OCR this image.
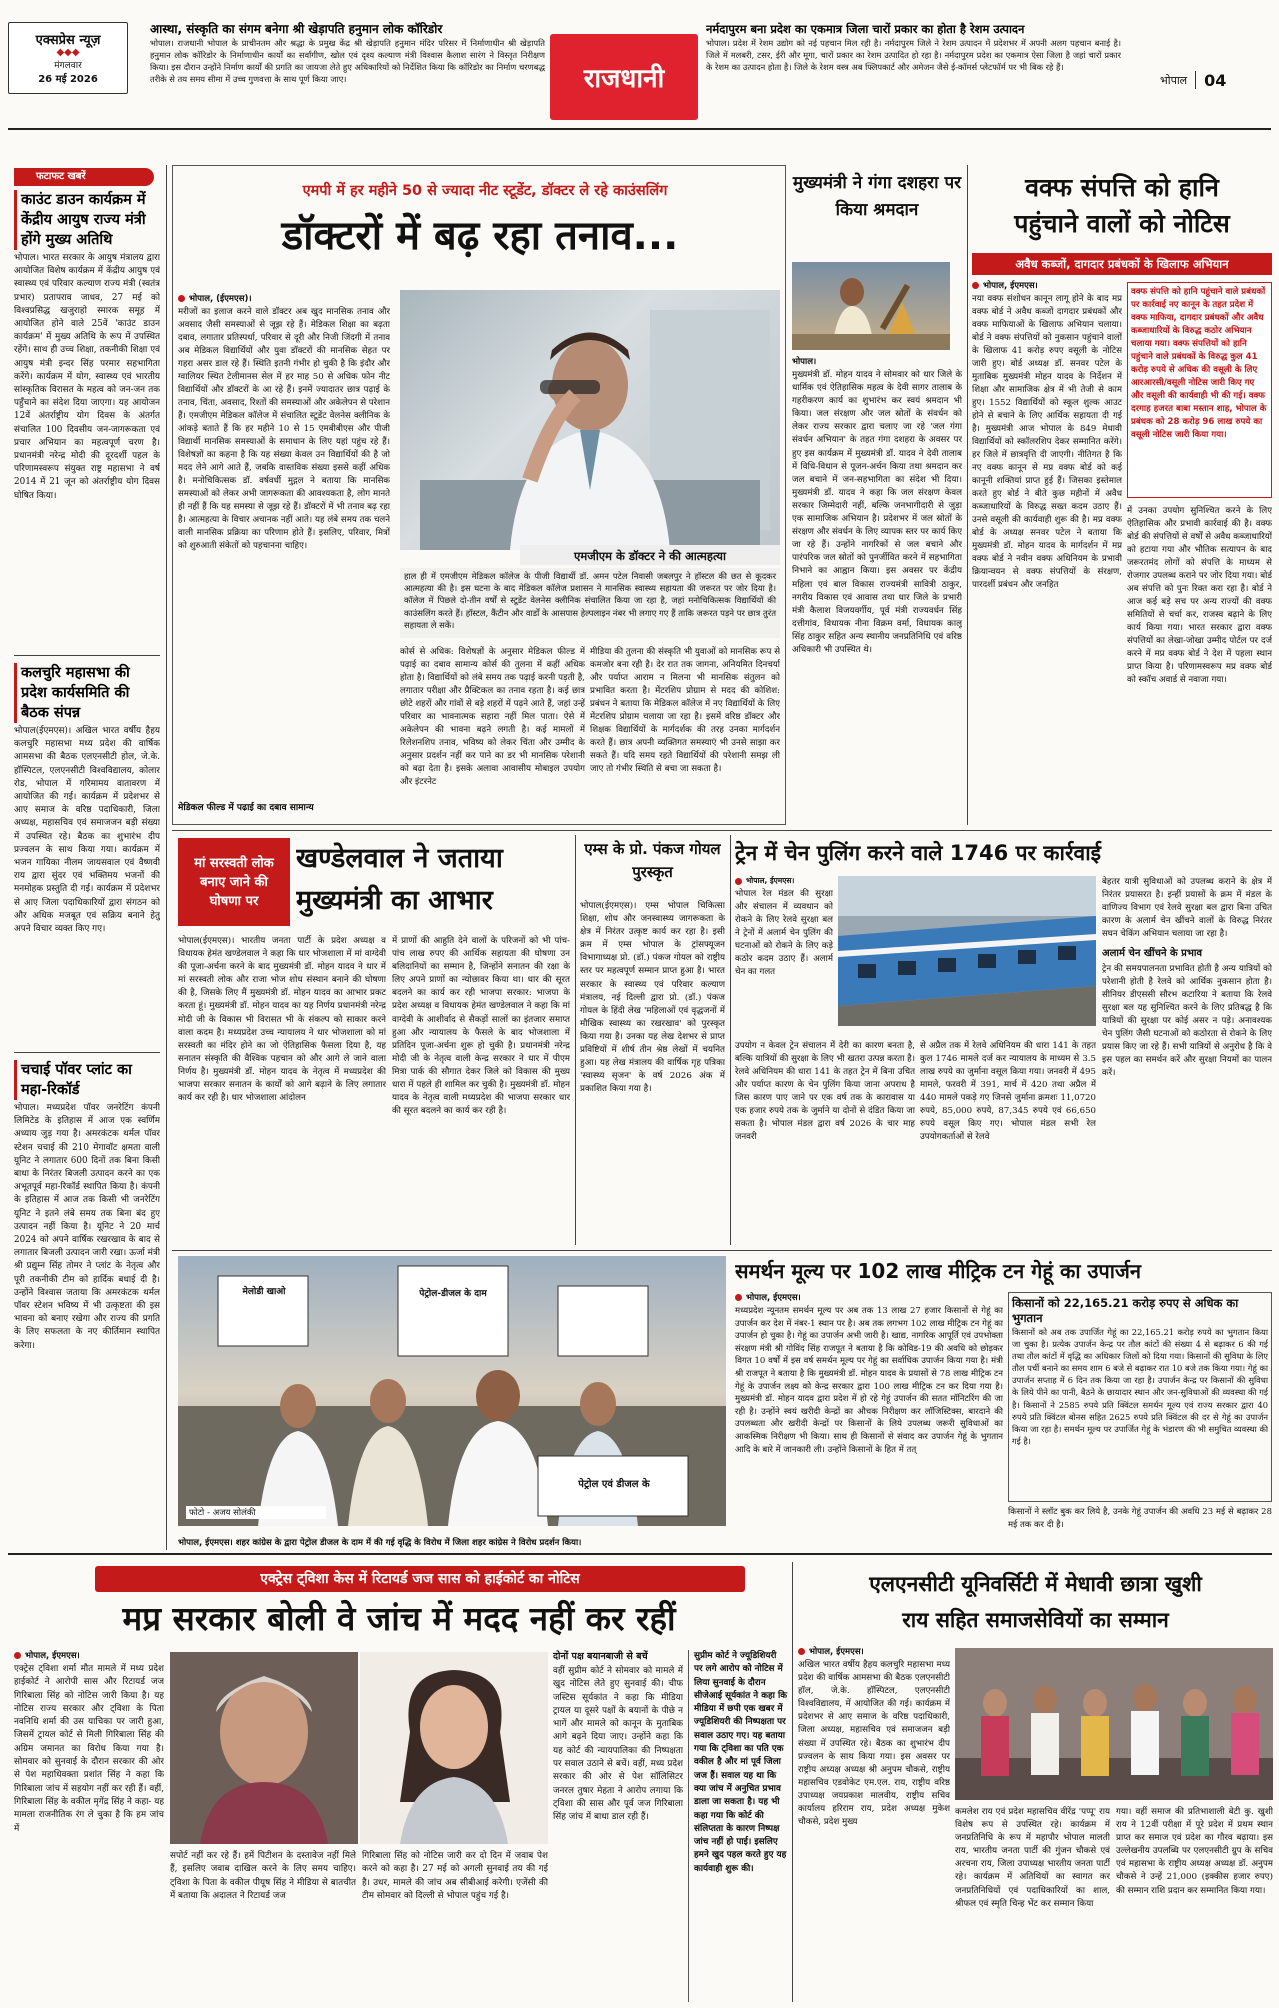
एक्सप्रेस न्यूज़
◆◆◆
मंगलवार
26 मई 2026
आस्था, संस्कृति का संगम बनेगा श्री खेड़ापति हनुमान लोक कॉरिडोर
भोपाल। राजधानी भोपाल के प्राचीनतम और श्रद्धा के प्रमुख केंद्र श्री खेड़ापति हनुमान मंदिर परिसर में निर्माणाधीन श्री खेड़ापति हनुमान लोक कॉरिडोर के निर्माणाधीन कार्यों का सर्वांगीण, खोल एवं दृश्य कल्याण मंत्री विश्वास कैलाश सारंग ने विस्तृत निरीक्षण किया। इस दौरान उन्होंने निर्माण कार्यों की प्रगति का जायजा लेते हुए अधिकारियों को निर्देशित किया कि कॉरिडोर का निर्माण चरणबद्ध तरीके से तय समय सीमा में उच्च गुणवत्ता के साथ पूर्ण किया जाए।	राजधानी
नर्मदापुरम बना प्रदेश का एकमात्र जिला चारों प्रकार का होता है रेशम उत्पादन
भोपाल। प्रदेश में रेशम उद्योग को नई पहचान मिल रही है। नर्मदापुरम जिले ने रेशम उत्पादन में प्रदेशभर में अपनी अलग पहचान बनाई है। जिले में मलबरी, टसर, ईरी और मूगा, चारों प्रकार का रेशम उत्पादित हो रहा है। नर्मदापुरम प्रदेश का एकमात्र ऐसा जिला है जहां चारों प्रकार के रेशम का उत्पादन होता है। जिले के रेशम वस्त्र अब फ्लिपकार्ट और अमेजन जैसे ई-कॉमर्स प्लेटफॉर्म पर भी बिक रहे हैं।
भोपाल 04
फटाफट खबरें
काउंट डाउन कार्यक्रम में केंद्रीय आयुष राज्य मंत्री होंगे मुख्य अतिथि
भोपाल। भारत सरकार के आयुष मंत्रालय द्वारा आयोजित विशेष कार्यक्रम में केंद्रीय आयुष एवं स्वास्थ्य एवं परिवार कल्याण राज्य मंत्री (स्वतंत्र प्रभार) प्रतापराव जाधव, 27 मई को विश्वप्रसिद्ध खजुराहो स्मारक समूह में आयोजित होने वाले 25वें 'काउंट डाउन कार्यक्रम' में मुख्य अतिथि के रूप में उपस्थित रहेंगे। साथ ही उच्च शिक्षा, तकनीकी शिक्षा एवं आयुष मंत्री इन्दर सिंह परमार सहभागिता करेंगे। कार्यक्रम में योग, स्वास्थ्य एवं भारतीय सांस्कृतिक विरासत के महत्व को जन-जन तक पहुँचाने का संदेश दिया जाएगा। यह आयोजन 12वें अंतर्राष्ट्रीय योग दिवस के अंतर्गत संचालित 100 दिवसीय जन-जागरूकता एवं प्रचार अभियान का महत्वपूर्ण चरण है। प्रधानमंत्री नरेन्द्र मोदी की दूरदर्शी पहल के परिणामस्वरूप संयुक्त राष्ट्र महासभा ने वर्ष 2014 में 21 जून को अंतर्राष्ट्रीय योग दिवस घोषित किया।
कलचुरि महासभा की प्रदेश कार्यसमिति की बैठक संपन्न
भोपाल(ईएमएस)। अखिल भारत वर्षीय हैहय कलचुरि महासभा मध्य प्रदेश की वार्षिक आमसभा की बैठक एलएनसीटी होल, जे.के. हॉस्पिटल, एलएनसीटी विश्वविद्यालय, कोलार रोड, भोपाल में गरिमामय वातावरण में आयोजित की गई। कार्यक्रम में प्रदेशभर से आए समाज के वरिष्ठ पदाधिकारी, जिला अध्यक्ष, महासचिव एवं समाजजन बड़ी संख्या में उपस्थित रहे। बैठक का शुभारंभ दीप प्रज्वलन के साथ किया गया। कार्यक्रम में भजन गायिका नीलम जायसवाल एवं वैष्णवी राय द्वारा सुंदर एवं भक्तिमय भजनों की मनमोहक प्रस्तुति दी गई। कार्यक्रम में प्रदेशभर से आए जिला पदाधिकारियों द्वारा संगठन को और अधिक मजबूत एवं सक्रिय बनाने हेतु अपने विचार व्यक्त किए गए।
चचाई पॉवर प्लांट का महा-रिकॉर्ड
भोपाल। मध्यप्रदेश पॉवर जनरेटिंग कंपनी लिमिटेड के इतिहास में आज एक स्वर्णिम अध्याय जुड़ गया है। अमरकंटक थर्मल पॉवर स्टेशन चचाई की 210 मेगावॉट क्षमता वाली यूनिट ने लगातार 600 दिनों तक बिना किसी बाधा के निरंतर बिजली उत्पादन करने का एक अभूतपूर्व महा-रिकॉर्ड स्थापित किया है। कंपनी के इतिहास में आज तक किसी भी जनरेटिंग यूनिट ने इतने लंबे समय तक बिना बंद हुए उत्पादन नहीं किया है। यूनिट ने 20 मार्च 2024 को अपने वार्षिक रखरखाव के बाद से लगातार बिजली उत्पादन जारी रखा। ऊर्जा मंत्री श्री प्रद्युम्न सिंह तोमर ने प्लांट के नेतृत्व और पूरी तकनीकी टीम को हार्दिक बधाई दी है। उन्होंने विश्वास जताया कि अमरकंटक थर्मल पॉवर स्टेशन भविष्य में भी उत्कृष्टता की इस भावना को बनाए रखेगा और राज्य की प्रगति के लिए सफलता के नए कीर्तिमान स्थापित करेगा।
एमपी में हर महीने 50 से ज्यादा नीट स्टूडेंट, डॉक्टर ले रहे काउंसलिंग
डॉक्टरों में बढ़ रहा तनाव...
भोपाल, (ईएमएस)।
मरीजों का इलाज करने वाले डॉक्टर अब खुद मानसिक तनाव और अवसाद जैसी समस्याओं से जूझ रहे हैं। मेडिकल शिक्षा का बढ़ता दबाव, लगातार प्रतिस्पर्धा, परिवार से दूरी और निजी जिंदगी में तनाव अब मेडिकल विद्यार्थियों और युवा डॉक्टरों की मानसिक सेहत पर गहरा असर डाल रहे हैं। स्थिति इतनी गंभीर हो चुकी है कि इंदौर और ग्वालियर स्थित टेलीमानस सेल में हर माह 50 से अधिक फोन नीट विद्यार्थियों और डॉक्टरों के आ रहे हैं। इनमें ज्यादातर छात्र पढ़ाई के तनाव, चिंता, अवसाद, रिश्तों की समस्याओं और अकेलेपन से परेशान हैं। एमजीएम मेडिकल कॉलेज में संचालित स्टूडेंट वेलनेस क्लीनिक के आंकड़े बताते हैं कि हर महीने 10 से 15 एमबीबीएस और पीजी विद्यार्थी मानसिक समस्याओं के समाधान के लिए यहां पहुंच रहे हैं। विशेषज्ञों का कहना है कि यह संख्या केवल उन विद्यार्थियों की है जो मदद लेने आगे आते हैं, जबकि वास्तविक संख्या इससे कहीं अधिक है। मनोचिकित्सक डॉ. वर्षवर्धी मुद्गल ने बताया कि मानसिक समस्याओं को लेकर अभी जागरूकता की आवश्यकता है, लोग मानते ही नहीं हैं कि यह समस्या से जूझ रहे हैं। डॉक्टरों में भी तनाव बढ़ रहा है। आत्महत्या के विचार अचानक नहीं आते। यह लंबे समय तक चलने वाली मानसिक प्रक्रिया का परिणाम होते हैं। इसलिए, परिवार, मित्रों को शुरुआती संकेतों को पहचानना चाहिए।
मेडिकल फील्ड में पढ़ाई का दबाव सामान्य
एमजीएम के डॉक्टर ने की आत्महत्या
हाल ही में एमजीएम मेडिकल कॉलेज के पीजी विद्यार्थी डॉ. अमन पटेल निवासी जबलपुर ने हॉस्टल की छत से कूदकर आत्महत्या की है। इस घटना के बाद मेडिकल कॉलेज प्रशासन ने मानसिक स्वास्थ्य सहायता की जरूरत पर जोर दिया है। कॉलेज में पिछले दो-तीन वर्षों से स्टूडेंट वेलनेस क्लीनिक संचालित किया जा रहा है, जहां मनोचिकित्सक विद्यार्थियों की काउंसलिंग करते हैं। हॉस्टल, कैंटीन और वार्डों के आसपास हेल्पलाइन नंबर भी लगाए गए हैं ताकि जरूरत पड़ने पर छात्र तुरंत सहायता ले सकें।
कोर्स से अधिक: विशेषज्ञों के अनुसार मेडिकल फील्ड में पढ़ाई का दबाव सामान्य कोर्स की तुलना में कहीं अधिक होता है। विद्यार्थियों को लंबे समय तक पढ़ाई करनी पड़ती है, लगातार परीक्षा और प्रैक्टिकल का तनाव रहता है। कई छात्र छोटे शहरों और गांवों से बड़े शहरों में पढ़ने आते हैं, जहां उन्हें परिवार का भावनात्मक सहारा नहीं मिल पाता। ऐसे में अकेलेपन की भावना बढ़ने लगती है। कई मामलों में रिलेशनशिप तनाव, भविष्य को लेकर चिंता और उम्मीद के अनुसार प्रदर्शन नहीं कर पाने का डर भी मानसिक परेशानी को बढ़ा देता है। इसके अलावा आवासीय मोबाइल उपयोग और इंटरनेट
मीडिया की तुलना की संस्कृति भी युवाओं को मानसिक रूप से कमजोर बना रही है। देर रात तक जागना, अनियमित दिनचर्या और पर्याप्त आराम न मिलना भी मानसिक संतुलन को प्रभावित करता है। मेंटरशिप प्रोग्राम से मदद की कोशिश: प्रबंधन ने बताया कि मेडिकल कॉलेज में नए विद्यार्थियों के लिए मेंटरशिप प्रोग्राम चलाया जा रहा है। इसमें वरिष्ठ डॉक्टर और शिक्षक विद्यार्थियों के मार्गदर्शक की तरह उनका मार्गदर्शन करते हैं। छात्र अपनी व्यक्तिगत समस्याएं भी उनसे साझा कर सकते हैं। यदि समय रहते विद्यार्थियों की परेशानी समझ ली जाए तो गंभीर स्थिति से बचा जा सकता है।
मुख्यमंत्री ने गंगा दशहरा पर किया श्रमदान
भोपाल।
मुख्यमंत्री डॉ. मोहन यादव ने सोमवार को धार जिले के धार्मिक एवं ऐतिहासिक महत्व के देवी सागर तालाब के गहरीकरण कार्य का शुभारंभ कर स्वयं श्रमदान भी किया। जल संरक्षण और जल स्रोतों के संवर्धन को लेकर राज्य सरकार द्वारा चलाए जा रहे 'जल गंगा संवर्धन अभियान' के तहत गंगा दशहरा के अवसर पर हुए इस कार्यक्रम में मुख्यमंत्री डॉ. यादव ने देवी तालाब में विधि-विधान से पूजन-अर्चन किया तथा श्रमदान कर जल बचाने में जन-सहभागिता का संदेश भी दिया। मुख्यमंत्री डॉ. यादव ने कहा कि जल संरक्षण केवल सरकार जिम्मेदारी नहीं, बल्कि जनभागीदारी से जुड़ा एक सामाजिक अभियान है। प्रदेशभर में जल स्रोतों के संरक्षण और संवर्धन के लिए व्यापक स्तर पर कार्य किए जा रहे हैं। उन्होंने नागरिकों से जल बचाने और पारंपरिक जल स्रोतों को पुनर्जीवित करने में सहभागिता निभाने का आह्वान किया। इस अवसर पर केंद्रीय महिला एवं बाल विकास राज्यमंत्री सावित्री ठाकुर, नगरीय विकास एवं आवास तथा धार जिले के प्रभारी मंत्री कैलाश विजयवर्गीय, पूर्व मंत्री राज्यवर्धन सिंह दत्तीगांव, विधायक नीना विक्रम वर्मा, विधायक कालू सिंह ठाकुर सहित अन्य स्थानीय जनप्रतिनिधि एवं वरिष्ठ अधिकारी भी उपस्थित थे।
वक्फ संपत्ति को हानि
पहुंचाने वालों को नोटिस
अवैध कब्जों, दागदार प्रबंधकों के खिलाफ अभियान
भोपाल, ईएमएस।
नया वक्फ संशोधन कानून लागू होने के बाद मप्र वक्फ बोर्ड ने अवैध कब्जों दागदार प्रबंधकों और वक्फ माफियाओं के खिलाफ अभियान चलाया। बोर्ड ने वक्फ संपत्तियों को नुकसान पहुंचाने वालों के खिलाफ 41 करोड़ रुपए वसूली के नोटिस जारी हुए। बोर्ड अध्यक्ष डॉ. सनवर पटेल के मुताबिक मुख्यमंत्री मोहन यादव के निर्देशन में शिक्षा और सामाजिक क्षेत्र में भी तेजी से काम हुए। 1552 विद्यार्थियों को स्कूल शुल्क आउट होने से बचाने के लिए आर्थिक सहायता दी गई है। मुख्यमंत्री आज भोपाल के 849 मेधावी विद्यार्थियों को स्कॉलरशिप देकर सम्मानित करेंगे। हर जिले में छात्रवृत्ति दी जाएगी। नीतिगत है कि नए वक्फ कानून से मप्र वक्फ बोर्ड को कई कानूनी शक्तियां प्राप्त हुई हैं। जिसका इस्तेमाल करते हुए बोर्ड ने बीते कुछ महीनों में अवैध कब्जाधारियों के विरुद्ध सख्त कदम उठाए हैं। उनसे वसूली की कार्यवाही शुरू की है। मप्र वक्फ बोर्ड के अध्यक्ष सनवर पटेल ने बताया कि मुख्यमंत्री डॉ. मोहन यादव के मार्गदर्शन में मप्र वक्फ बोर्ड ने नवीन वक्फ अधिनियम के प्रभावी क्रियान्वयन से वक्फ संपत्तियों के संरक्षण, पारदर्शी प्रबंधन और जनहित
वक्फ संपत्ति को हानि पहुंचाने वाले प्रबंधकों पर कार्रवाई नए कानून के तहत प्रदेश में वक्फ माफिया, दागदार प्रबंधकों और अवैध कब्जाधारियों के विरुद्ध कठोर अभियान चलाया गया। वक्फ संपत्तियों को हानि पहुंचाने वाले प्रबंधकों के विरुद्ध कुल 41 करोड़ रुपये से अधिक की वसूली के लिए आरआरसी/वसूली नोटिस जारी किए गए और वसूली की कार्यवाही भी की गई। वक्फ दरगाह हजरत बाबा मस्तान शाह, भोपाल के प्रबंधक को 28 करोड़ 96 लाख रुपये का वसूली नोटिस जारी किया गया।
में उनका उपयोग सुनिश्चित करने के लिए ऐतिहासिक और प्रभावी कार्रवाई की है। वक्फ बोर्ड की संपत्तियों से वर्षों से अवैध कब्जाधारियों को हटाया गया और भौतिक सत्यापन के बाद जरूरतमंद लोगों को संपत्ति के माध्यम से रोजगार उपलब्ध कराने पर जोर दिया गया। बोर्ड अब संपत्ति को पुनः रिक्त करा रहा है। बोर्ड ने आज कई बड़े सच पर अन्य राज्यों की वक्फ समितियों से चर्चा कर, राजस्व बढ़ाने के लिए कार्य किया गया। भारत सरकार द्वारा वक्फ संपत्तियों का लेखा-जोखा उम्मीद पोर्टल पर दर्ज करने में मप्र वक्फ बोर्ड ने देश में पहला स्थान प्राप्त किया है। परिणामस्वरूप मप्र वक्फ बोर्ड को स्कॉच अवार्ड से नवाजा गया।
मां सरस्वती लोक बनाए जाने की घोषणा पर
खण्डेलवाल ने जताया
मुख्यमंत्री का आभार
भोपाल(ईएमएस)। भारतीय जनता पार्टी के प्रदेश अध्यक्ष व विधायक हेमंत खण्डेलवाल ने कहा कि धार भोजशाला में मां वाग्देवी की पूजा-अर्चना करने के बाद मुख्यमंत्री डॉ. मोहन यादव ने धार में मां सरस्वती लोक और राजा भोज शोध संस्थान बनाने की घोषणा की है, जिसके लिए मैं मुख्यमंत्री डॉ. मोहन यादव का आभार प्रकट करता हूं। मुख्यमंत्री डॉ. मोहन यादव का यह निर्णय प्रधानमंत्री नरेन्द्र मोदी जी के विकास भी विरासत भी के संकल्प को साकार करने वाला कदम है। मध्यप्रदेश उच्च न्यायालय ने धार भोजशाला को मां सरस्वती का मंदिर होने का जो ऐतिहासिक फैसला दिया है, यह सनातन संस्कृति की वैश्विक पहचान को और आगे ले जाने वाला निर्णय है। मुख्यमंत्री डॉ. मोहन यादव के नेतृत्व में मध्यप्रदेश की भाजपा सरकार सनातन के कार्यों को आगे बढ़ाने के लिए लगातार कार्य कर रही है। धार भोजशाला आंदोलन
में प्राणों की आहुति देने वालों के परिजनों को भी पांच-पांच लाख रुपए की आर्थिक सहायता की घोषणा उन बलिदानियों का सम्मान है, जिन्होंने सनातन की रक्षा के लिए अपने प्राणों का न्योछावर किया था। धार की सूरत बदलने का कार्य कर रही भाजपा सरकार: भाजपा के प्रदेश अध्यक्ष व विधायक हेमंत खण्डेलवाल ने कहा कि मां वाग्देवी के आशीर्वाद से सैकड़ों सालों का इंतजार समाप्त हुआ और न्यायालय के फैसले के बाद भोजशाला में प्रतिदिन पूजा-अर्चना शुरू हो चुकी है। प्रधानमंत्री नरेन्द्र मोदी जी के नेतृत्व वाली केन्द्र सरकार ने धार में पीएम मित्रा पार्क की सौगात देकर जिले को विकास की मुख्य धारा में पहले ही शामिल कर चुकी है। मुख्यमंत्री डॉ. मोहन यादव के नेतृत्व वाली मध्यप्रदेश की भाजपा सरकार धार की सूरत बदलने का कार्य कर रही है।
एम्स के प्रो. पंकज गोयल पुरस्कृत
भोपाल(ईएमएस)। एम्स भोपाल चिकित्सा शिक्षा, शोध और जनस्वास्थ्य जागरूकता के क्षेत्र में निरंतर उत्कृष्ट कार्य कर रहा है। इसी क्रम में एम्स भोपाल के ट्रांसफ्यूजन विभागाध्यक्ष प्रो. (डॉ.) पंकज गोयल को राष्ट्रीय स्तर पर महत्वपूर्ण सम्मान प्राप्त हुआ है। भारत सरकार के स्वास्थ्य एवं परिवार कल्याण मंत्रालय, नई दिल्ली द्वारा प्रो. (डॉ.) पंकज गोयल के हिंदी लेख 'महिलाओं एवं वृद्धजनों में मौखिक स्वास्थ्य का रखरखाव' को पुरस्कृत किया गया है। उनका यह लेख देशभर से प्राप्त प्रविष्टियों में शीर्ष तीन श्रेष्ठ लेखों में चयनित हुआ। यह लेख मंत्रालय की वार्षिक गृह पत्रिका 'स्वास्थ्य सृजन' के वर्ष 2026 अंक में प्रकाशित किया गया है।
ट्रेन में चेन पुलिंग करने वाले 1746 पर कार्रवाई
भोपाल, ईएमएस।
भोपाल रेल मंडल की सुरक्षा और संचालन में व्यवधान को रोकने के लिए रेलवे सुरक्षा बल ने ट्रेनों में अलार्म चेन पुलिंग की घटनाओं को रोकने के लिए कड़े कठोर कदम उठाए हैं। अलार्म चेन का गलत
उपयोग न केवल ट्रेन संचालन में देरी का कारण बनता है, बल्कि यात्रियों की सुरक्षा के लिए भी खतरा उत्पन्न करता है। रेलवे अधिनियम की धारा 141 के तहत ट्रेन में बिना उचित और पर्याप्त कारण के चेन पुलिंग किया जाना अपराध है जिस कारण पाए जाने पर एक वर्ष तक के कारावास या एक हजार रुपये तक के जुर्माने या दोनों से दंडित किया जा सकता है। भोपाल मंडल द्वारा वर्ष 2026 के चार माह जनवरी
से अप्रैल तक में रेलवे अधिनियम की धारा 141 के तहत कुल 1746 मामले दर्ज कर न्यायालय के माध्यम से 3.5 लाख रुपये का जुर्माना वसूल किया गया। जनवरी में 495 मामले, फरवरी में 391, मार्च में 420 तथा अप्रैल में 440 मामले पकड़े गए जिनसे जुर्माना क्रमशः 11,0720 रुपये, 85,000 रुपये, 87,345 रुपये एवं 66,650 रुपये वसूल किए गए। भोपाल मंडल सभी रेल उपयोगकर्ताओं से रेलवे
बेहतर यात्री सुविधाओं को उपलब्ध कराने के क्षेत्र में निरंतर प्रयासरत है। इन्हीं प्रयासों के क्रम में मंडल के वाणिज्य विभाग एवं रेलवे सुरक्षा बल द्वारा बिना उचित कारण के अलार्म चेन खींचने वालों के विरुद्ध निरंतर सघन चेकिंग अभियान चलाया जा रहा है।
अलार्म चेन खींचने के प्रभाव
ट्रेन की समयपालनता प्रभावित होती है अन्य यात्रियों को परेशानी होती है रेलवे को आर्थिक नुकसान होता है। सीनियर डीएससी सौरभ कटारिया ने बताया कि रेलवे सुरक्षा बल यह सुनिश्चित करने के लिए प्रतिबद्ध है कि यात्रियों की सुरक्षा पर कोई असर न पड़े। अनावश्यक चेन पुलिंग जैसी घटनाओं को कठोरता से रोकने के लिए प्रयास किए जा रहे हैं। सभी यात्रियों से अनुरोध है कि वे इस पहल का समर्थन करें और सुरक्षा नियमों का पालन करें।
मेलोडी खाओ	पेट्रोल-डीजल के दाम
पेट्रोल एवं डीजल के
फोटो - अजय सोलंकी
भोपाल, ईएमएस। शहर कांग्रेस के द्वारा पेट्रोल डीजल के दाम में की गई वृद्धि के विरोध में जिला शहर कांग्रेस ने विरोध प्रदर्शन किया।
समर्थन मूल्य पर 102 लाख मीट्रिक टन गेहूं का उपार्जन
भोपाल, ईएमएस।
मध्यप्रदेश न्यूनतम समर्थन मूल्य पर अब तक 13 लाख 27 हजार किसानों से गेहूं का उपार्जन कर देश में नंबर-1 स्थान पर है। अब तक लगभग 102 लाख मीट्रिक टन गेहूं का उपार्जन हो चुका है। गेहूं का उपार्जन अभी जारी है। खाद्य, नागरिक आपूर्ति एवं उपभोक्ता संरक्षण मंत्री श्री गोविंद सिंह राजपूत ने बताया है कि कोविड-19 की अवधि को छोड़कर विगत 10 वर्षों में इस वर्ष समर्थन मूल्य पर गेहूं का सर्वाधिक उपार्जन किया गया है। मंत्री श्री राजपूत ने बताया है कि मुख्यमंत्री डॉ. मोहन यादव के प्रयासों से 78 लाख मीट्रिक टन गेहूं के उपार्जन लक्ष्य को केन्द्र सरकार द्वारा 100 लाख मीट्रिक टन कर दिया गया है। मुख्यमंत्री डॉ. मोहन यादव द्वारा प्रदेश में हो रहे गेहूं उपार्जन की सतत मॉनिटरिंग की जा रही है। उन्होंने स्वयं खरीदी केन्द्रों का औचक निरीक्षण कर लॉजिस्टिक्स, बारदाने की उपलब्धता और खरीदी केन्द्रों पर किसानों के लिये उपलब्ध जरूरी सुविधाओं का आकस्मिक निरीक्षण भी किया। साथ ही किसानों से संवाद कर उपार्जन गेहूं के भुगतान आदि के बारे में जानकारी ली। उन्होंने किसानों के हित में तत्
किसानों को 22,165.21 करोड़ रुपए से अधिक का भुगतान
किसानों को अब तक उपार्जित गेहूं का 22,165.21 करोड़ रुपये का भुगतान किया जा चुका है। प्रत्येक उपार्जन केन्द्र पर तौल कांटों की संख्या 4 से बढ़ाकर 6 की गई तथा तौल कांटों में वृद्धि का अधिकार जिलों को दिया गया। किसानों की सुविधा के लिए तौल पर्ची बनाने का समय शाम 6 बजे से बढ़ाकर रात 10 बजे तक किया गया। गेहूं का उपार्जन सप्ताह में 6 दिन तक किया जा रहा है। उपार्जन केन्द्र पर किसानों की सुविधा के लिये पीने का पानी, बैठने के छायादार स्थान और जन-सुविधाओं की व्यवस्था की गई है। किसानों ने 2585 रुपये प्रति क्विंटल समर्थन मूल्य एवं राज्य सरकार द्वारा 40 रुपये प्रति क्विंटल बोनस सहित 2625 रुपये प्रति क्विंटल की दर से गेहूं का उपार्जन किया जा रहा है। समर्थन मूल्य पर उपार्जित गेहूं के भंडारण की भी समुचित व्यवस्था की गई है।
किसानों ने स्लॉट बुक कर लिये है, उनके गेहूं उपार्जन की अवधि 23 मई से बढ़ाकर 28 मई तक कर दी है।
एक्ट्रेस ट्विशा केस में रिटायर्ड जज सास को हाईकोर्ट का नोटिस
मप्र सरकार बोली वे जांच में मदद नहीं कर रहीं
भोपाल, ईएमएस।
एक्ट्रेस ट्विशा शर्मा मौत मामले में मध्य प्रदेश हाईकोर्ट ने आरोपी सास और रिटायर्ड जज गिरिबाला सिंह को नोटिस जारी किया है। यह नोटिस राज्य सरकार और ट्विशा के पिता नवनिधि शर्मा की उस याचिका पर जारी हुआ, जिसमें ट्रायल कोर्ट से मिली गिरिबाला सिंह की अग्रिम जमानत का विरोध किया गया है। सोमवार को सुनवाई के दौरान सरकार की ओर से पेश महाधिवक्ता प्रशांत सिंह ने कहा कि गिरिबाला जांच में सहयोग नहीं कर रही हैं। वहीं, गिरिबाला सिंह के वकील मृगेंद्र सिंह ने कहा- यह मामला राजनीतिक रंग ले चुका है कि हम जांच में
सपोर्ट नहीं कर रहे हैं। हमें पिटीशन के दस्तावेज नहीं मिले हैं, इसलिए जवाब दाखिल करने के लिए समय चाहिए। ट्विशा के पिता के वकील पीयूष सिंह ने मीडिया से बातचीत में बताया कि अदालत ने रिटायर्ड जज
गिरिबाला सिंह को नोटिस जारी कर दो दिन में जवाब पेश करने को कहा है। 27 मई को अगली सुनवाई तय की गई है। उधर, मामले की जांच अब सीबीआई करेगी। एजेंसी की टीम सोमवार को दिल्ली से भोपाल पहुंच गई है।
दोनों पक्ष बयानबाजी से बचें
वहीं सुप्रीम कोर्ट ने सोमवार को मामले में खुद नोटिस लेते हुए सुनवाई की। चीफ जस्टिस सूर्यकांत ने कहा कि मीडिया ट्रायल या दूसरे पक्षों के बयानों के पीछे न भागें और मामले को कानून के मुताबिक आगे बढ़ने दिया जाए। उन्होंने कहा कि यह कोर्ट की न्यायपालिका की निष्पक्षता पर सवाल उठाने से बचें। वहीं, मध्य प्रदेश सरकार की ओर से पेश सॉलिसिटर जनरल तुषार मेहता ने आरोप लगाया कि ट्विशा की सास और पूर्व जज गिरिबाला सिंह जांच में बाधा डाल रही हैं।
सुप्रीम कोर्ट ने ज्यूडिशियरी पर लगे आरोप को नोटिस में लिया सुनवाई के दौरान सीजेआई सूर्यकांत ने कहा कि मीडिया में छपी एक खबर में ज्यूडिशियरी की निष्पक्षता पर सवाल उठाए गए। यह बताया गया कि ट्विशा का पति एक वकील है और मां पूर्व जिला जज हैं। सवाल यह था कि क्या जांच में अनुचित प्रभाव डाला जा सकता है। यह भी कहा गया कि कोर्ट की संलिप्तता के कारण निष्पक्ष जांच नहीं हो पाई। इसलिए हमने खुद पहल करते हुए यह कार्यवाही शुरू की।
एलएनसीटी यूनिवर्सिटी में मेधावी छात्रा खुशी
राय सहित समाजसेवियों का सम्मान
भोपाल, ईएमएस।
अखिल भारत वर्षीय हैहय कलचुरि महासभा मध्य प्रदेश की वार्षिक आमसभा की बैठक एलएनसीटी हॉल, जे.के. हॉस्पिटल, एलएनसीटी विश्वविद्यालय, में आयोजित की गई। कार्यक्रम में प्रदेशभर से आए समाज के वरिष्ठ पदाधिकारी, जिला अध्यक्ष, महासचिव एवं समाजजन बड़ी संख्या में उपस्थित रहे। बैठक का शुभारंभ दीप प्रज्वलन के साथ किया गया। इस अवसर पर राष्ट्रीय अध्यक्ष अध्यक्ष श्री अनुपम चौकसे, राष्ट्रीय महासचिव एडवोकेट एम.एल. राय, राष्ट्रीय वरिष्ठ उपाध्यक्ष जयप्रकाश मालवीय, राष्ट्रीय सचिव कार्यालय हरिराम राय, प्रदेश अध्यक्ष मुकेश चौकसे, प्रदेश मुख्य
कमलेश राय एवं प्रदेश महासचिव वीरेंद्र 'पप्पू' राय विशेष रूप से उपस्थित रहे। कार्यक्रम में जनप्रतिनिधि के रूप में महापौर भोपाल मालती राय, भारतीय जनता पार्टी की गुंजन चौकसे एवं अरचना राय, जिला उपाध्यक्ष भारतीय जनता पार्टी रहे। कार्यक्रम में अतिथियों का स्वागत कर जनप्रतिनिधियों एवं पदाधिकारियों का शाल, श्रीफल एवं स्मृति चिन्ह भेंट कर सम्मान किया
गया। वहीं समाज की प्रतिभाशाली बेटी कु. खुशी राय ने 12वीं परीक्षा में पूरे प्रदेश में प्रथम स्थान प्राप्त कर समाज एवं प्रदेश का गौरव बढ़ाया। इस उल्लेखनीय उपलब्धि पर एलएनसीटी ग्रुप के सचिव एवं महासभा के राष्ट्रीय अध्यक्ष अध्यक्ष डॉ. अनुपम चौकसे ने उन्हें 21,000 (इक्कीस हजार रुपए) की सम्मान राशि प्रदान कर सम्मानित किया गया।
